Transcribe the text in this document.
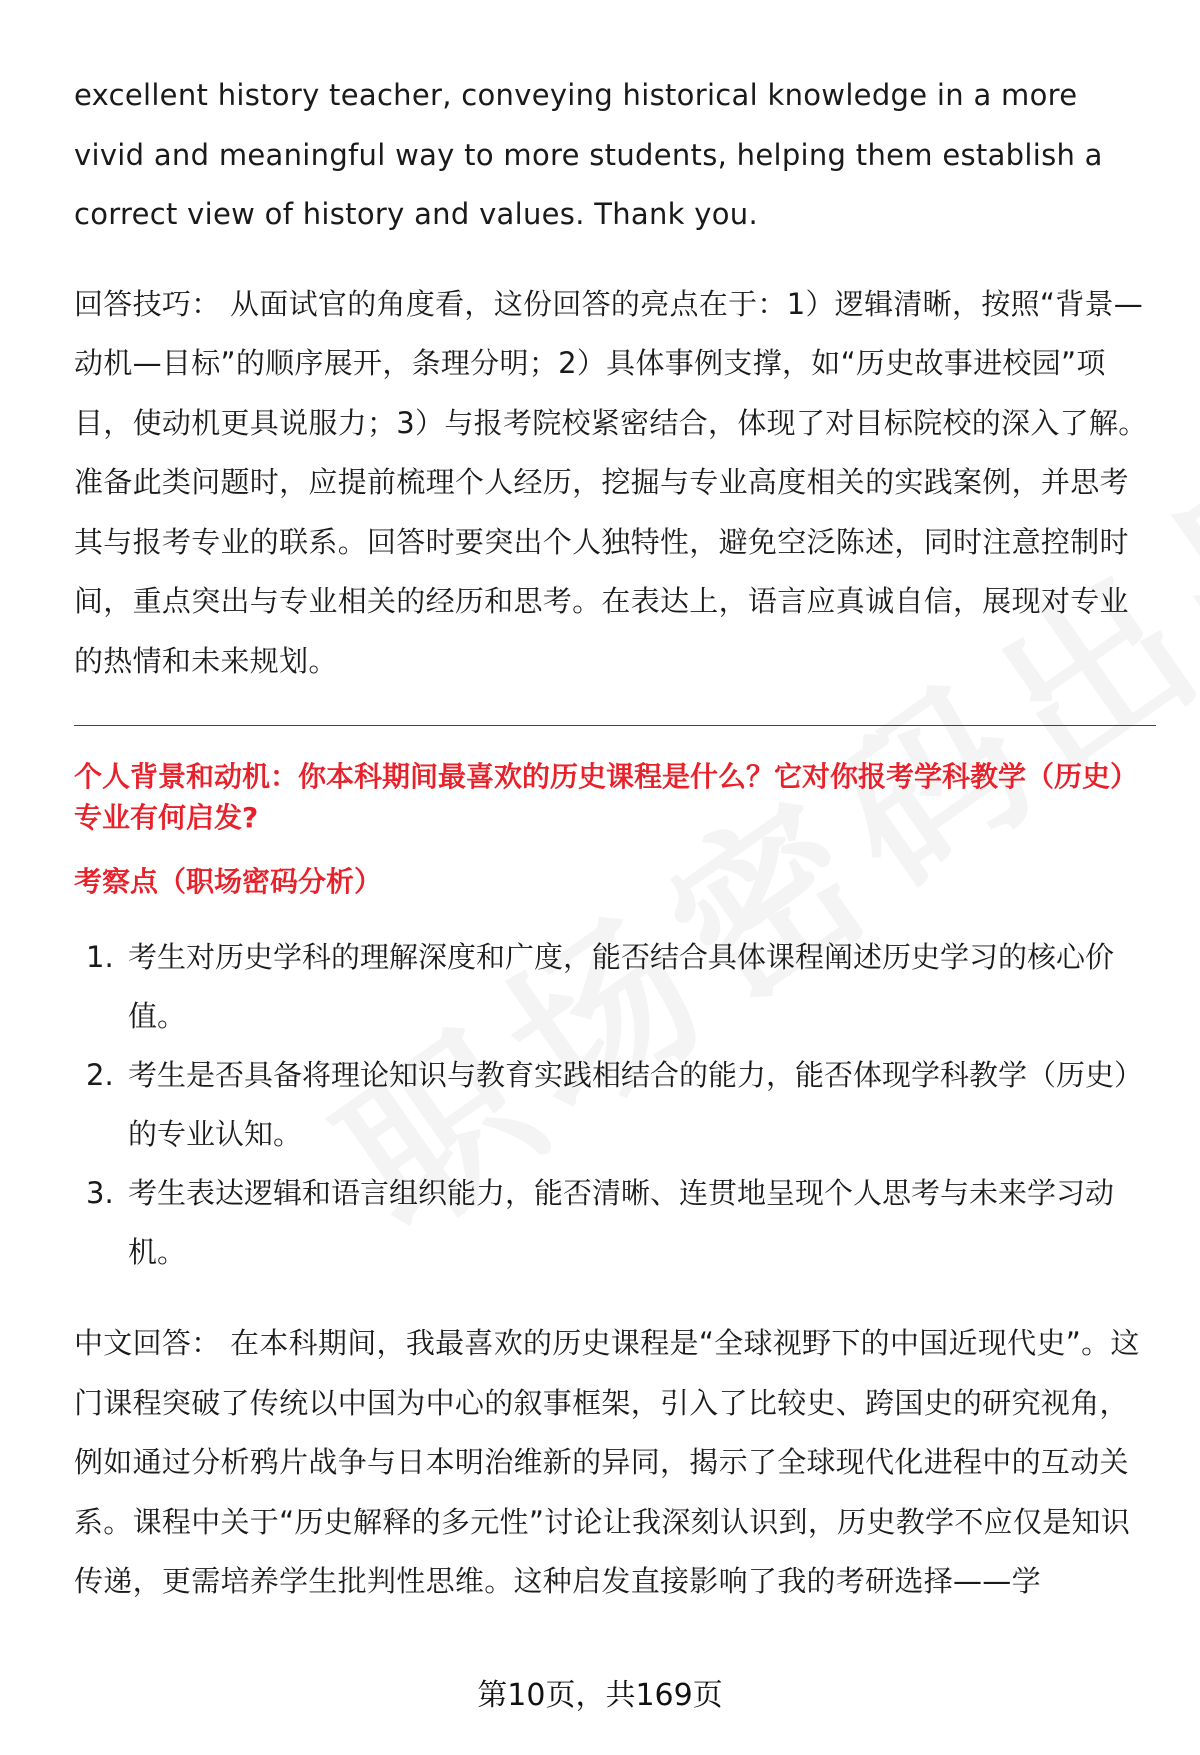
excellent history teacher, conveying historical knowledge in a more vivid and meaningful way to more students, helping them establish a correct view of history and values. Thank you.

回答技巧： 从面试官的角度看，这份回答的亮点在于：1）逻辑清晰，按照“背景—动机—目标”的顺序展开，条理分明；2）具体事例支撑，如“历史故事进校园”项目，使动机更具说服力；3）与报考院校紧密结合，体现了对目标院校的深入了解。准备此类问题时，应提前梳理个人经历，挖掘与专业高度相关的实践案例，并思考其与报考专业的联系。回答时要突出个人独特性，避免空泛陈述，同时注意控制时间，重点突出与专业相关的经历和思考。在表达上，语言应真诚自信，展现对专业的热情和未来规划。

个人背景和动机：你本科期间最喜欢的历史课程是什么？它对你报考学科教学（历史）专业有何启发?

考察点（职场密码分析）

1. 考生对历史学科的理解深度和广度，能否结合具体课程阐述历史学习的核心价值。
2. 考生是否具备将理论知识与教育实践相结合的能力，能否体现学科教学（历史）的专业认知。
3. 考生表达逻辑和语言组织能力，能否清晰、连贯地呈现个人思考与未来学习动机。

中文回答： 在本科期间，我最喜欢的历史课程是“全球视野下的中国近现代史”。这门课程突破了传统以中国为中心的叙事框架，引入了比较史、跨国史的研究视角，例如通过分析鸦片战争与日本明治维新的异同，揭示了全球现代化进程中的互动关系。课程中关于“历史解释的多元性”讨论让我深刻认识到，历史教学不应仅是知识传递，更需培养学生批判性思维。这种启发直接影响了我的考研选择——学

第10页，共169页
